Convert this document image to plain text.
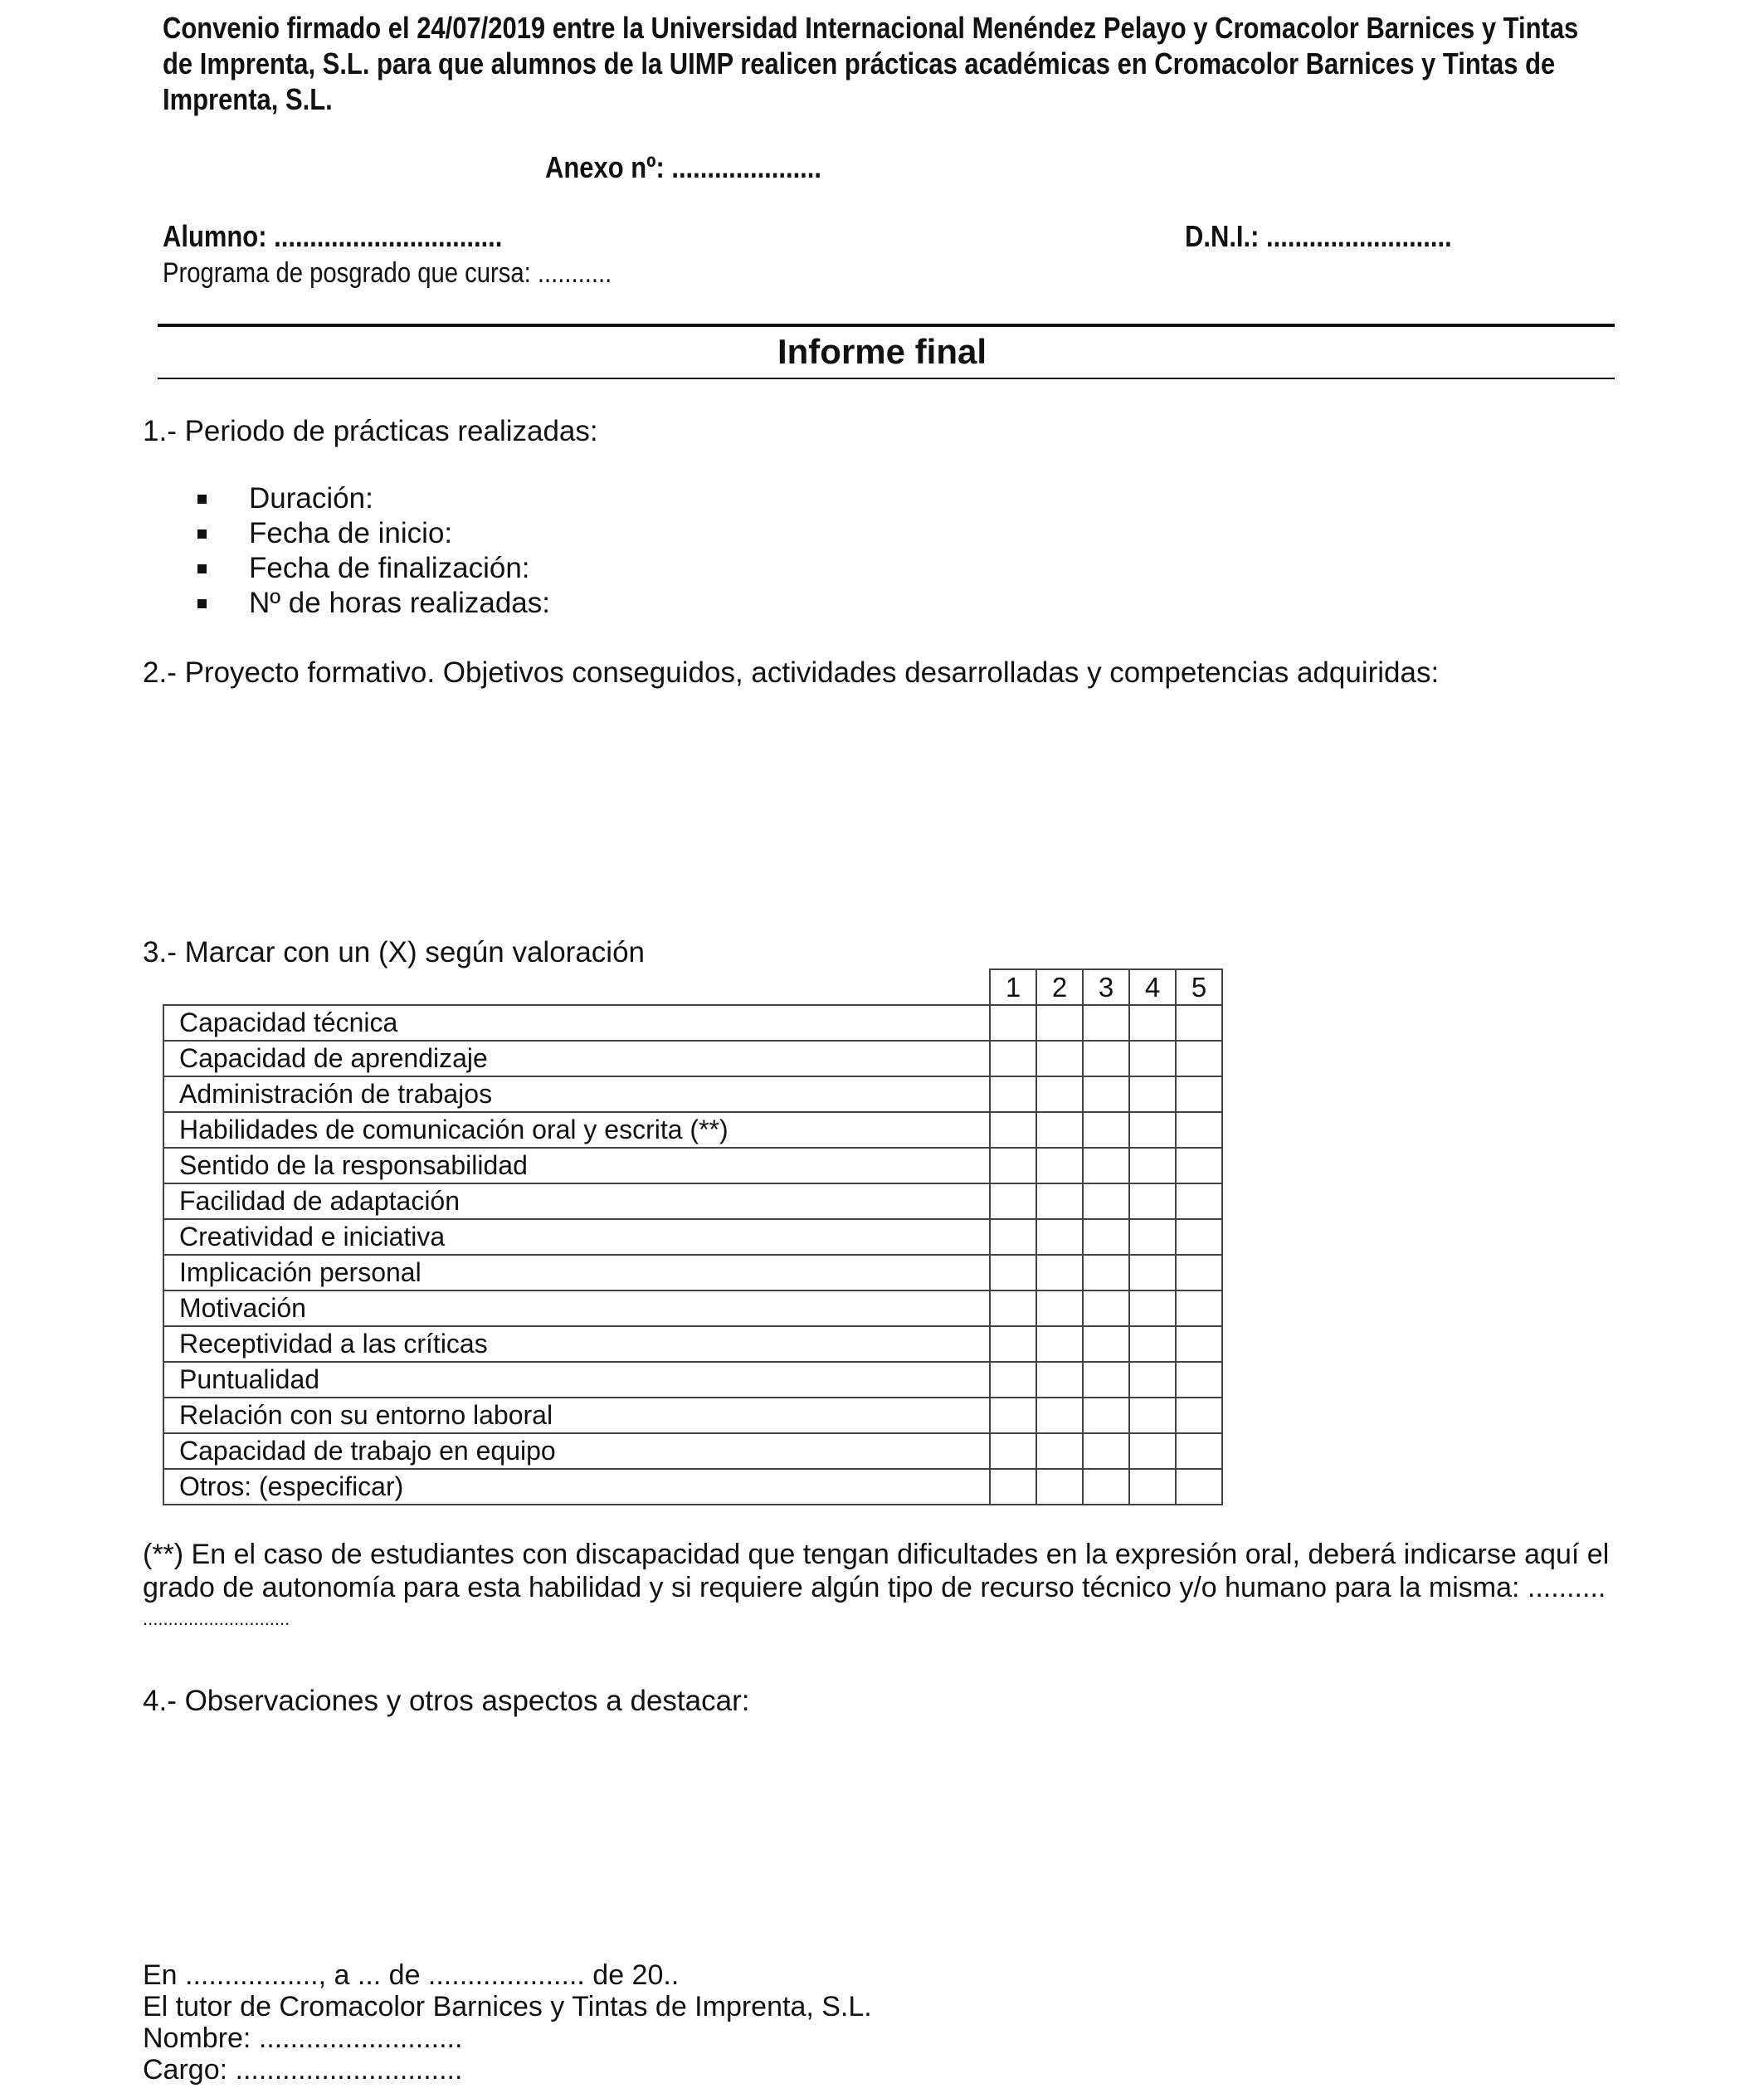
Convenio firmado el 24/07/2019 entre la Universidad Internacional Menéndez Pelayo y Cromacolor Barnices y Tintas de Imprenta, S.L. para que alumnos de la UIMP realicen prácticas académicas en Cromacolor Barnices y Tintas de Imprenta, S.L.
Anexo nº: .....................
Alumno: ................................	D.N.I.: ..........................
Programa de posgrado que cursa: ...........
Informe final
1.- Periodo de prácticas realizadas:
Duración:
Fecha de inicio:
Fecha de finalización:
Nº de horas realizadas:
2.- Proyecto formativo. Objetivos conseguidos, actividades desarrolladas y competencias adquiridas:
3.- Marcar con un (X) según valoración
	1	2	3	4	5
Capacidad técnica					
Capacidad de aprendizaje					
Administración de trabajos					
Habilidades de comunicación oral y escrita (**)					
Sentido de la responsabilidad					
Facilidad de adaptación					
Creatividad e iniciativa					
Implicación personal					
Motivación					
Receptividad a las críticas					
Puntualidad					
Relación con su entorno laboral					
Capacidad de trabajo en equipo					
Otros: (especificar)					
(**) En el caso de estudiantes con discapacidad que tengan dificultades en la expresión oral, deberá indicarse aquí el grado de autonomía para esta habilidad y si requiere algún tipo de recurso técnico y/o humano para la misma: ..........
.............................
4.- Observaciones y otros aspectos a destacar:
En ................., a ... de .................... de 20..
El tutor de Cromacolor Barnices y Tintas de Imprenta, S.L.
Nombre: ..........................
Cargo: .............................
